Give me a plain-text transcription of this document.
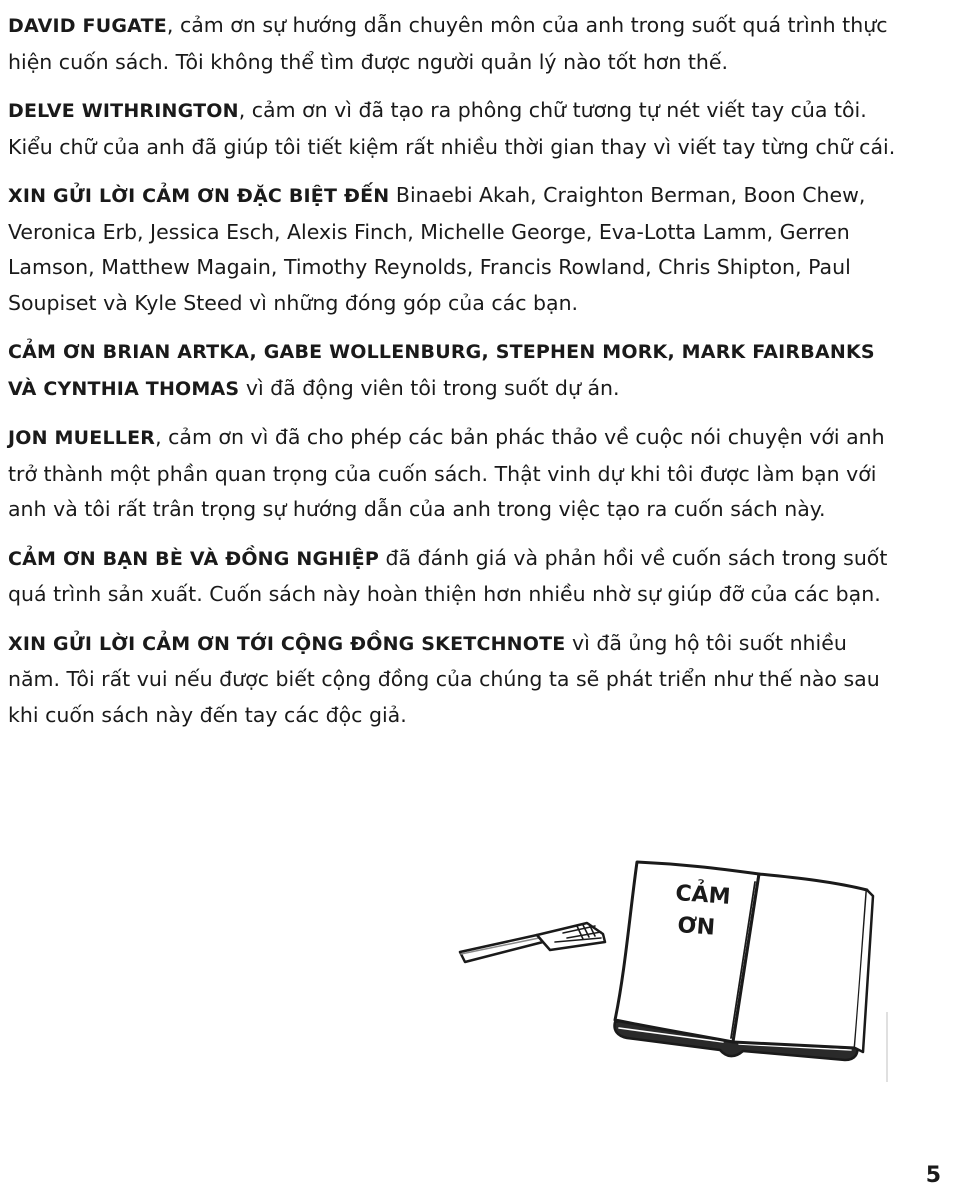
DAVID FUGATE, cảm ơn sự hướng dẫn chuyên môn của anh trong suốt quá trình thực hiện cuốn sách. Tôi không thể tìm được người quản lý nào tốt hơn thế.

DELVE WITHRINGTON, cảm ơn vì đã tạo ra phông chữ tương tự nét viết tay của tôi. Kiểu chữ của anh đã giúp tôi tiết kiệm rất nhiều thời gian thay vì viết tay từng chữ cái.

XIN GỬI LỜI CẢM ƠN ĐẶC BIỆT ĐẾN Binaebi Akah, Craighton Berman, Boon Chew, Veronica Erb, Jessica Esch, Alexis Finch, Michelle George, Eva-Lotta Lamm, Gerren Lamson, Matthew Magain, Timothy Reynolds, Francis Rowland, Chris Shipton, Paul Soupiset và Kyle Steed vì những đóng góp của các bạn.

CẢM ƠN BRIAN ARTKA, GABE WOLLENBURG, STEPHEN MORK, MARK FAIRBANKS VÀ CYNTHIA THOMAS vì đã động viên tôi trong suốt dự án.

JON MUELLER, cảm ơn vì đã cho phép các bản phác thảo về cuộc nói chuyện với anh trở thành một phần quan trọng của cuốn sách. Thật vinh dự khi tôi được làm bạn với anh và tôi rất trân trọng sự hướng dẫn của anh trong việc tạo ra cuốn sách này.

CẢM ƠN BẠN BÈ VÀ ĐỒNG NGHIỆP đã đánh giá và phản hồi về cuốn sách trong suốt quá trình sản xuất. Cuốn sách này hoàn thiện hơn nhiều nhờ sự giúp đỡ của các bạn.

XIN GỬI LỜI CẢM ƠN TỚI CỘNG ĐỒNG SKETCHNOTE vì đã ủng hộ tôi suốt nhiều năm. Tôi rất vui nếu được biết cộng đồng của chúng ta sẽ phát triển như thế nào sau khi cuốn sách này đến tay các độc giả.

CẢM
ƠN
5
